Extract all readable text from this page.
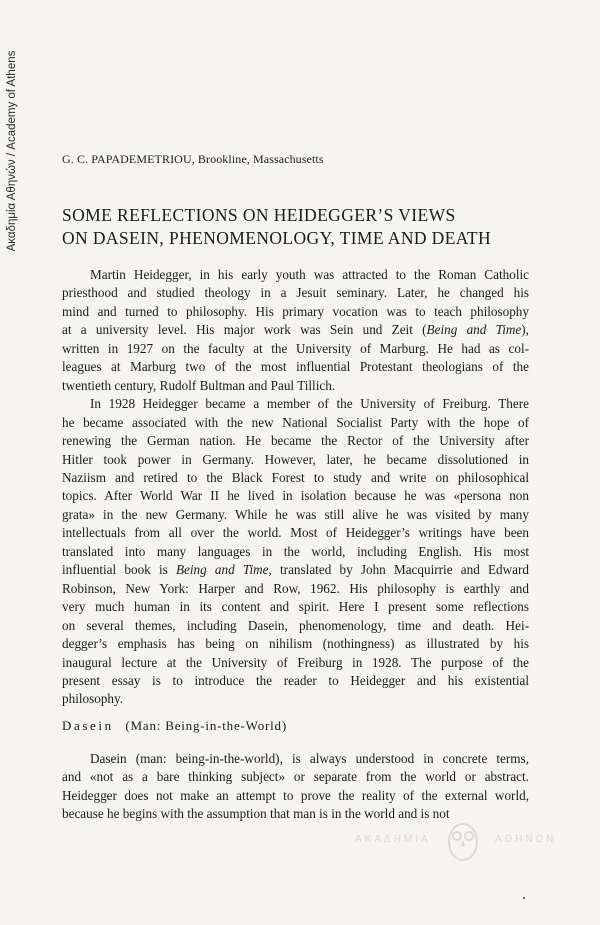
Ακαδημία Αθηνών / Academy of Athens	G. C. PAPADEMETRIOU, Brookline, Massachusetts
SOME REFLECTIONS ON HEIDEGGER’S VIEWS
ON DASEIN, PHENOMENOLOGY, TIME AND DEATH

Martin Heidegger, in his early youth was attracted to the Roman Catholic
priesthood and studied theology in a Jesuit seminary. Later, he changed his
mind and turned to philosophy. His primary vocation was to teach philosophy
at a university level. His major work was Sein und Zeit (Being and Time),
written in 1927 on the faculty at the University of Marburg. He had as col-
leagues at Marburg two of the most influential Protestant theologians of the
twentieth century, Rudolf Bultman and Paul Tillich.

In 1928 Heidegger became a member of the University of Freiburg. There
he became associated with the new National Socialist Party with the hope of
renewing the German nation. He became the Rector of the University after
Hitler took power in Germany. However, later, he became dissolutioned in
Naziism and retired to the Black Forest to study and write on philosophical
topics. After World War II he lived in isolation because he was «persona non
grata» in the new Germany. While he was still alive he was visited by many
intellectuals from all over the world. Most of Heidegger’s writings have been
translated into many languages in the world, including English. His most
influential book is Being and Time, translated by John Macquirrie and Edward
Robinson, New York: Harper and Row, 1962. His philosophy is earthly and
very much human in its content and spirit. Here I present some reflections
on several themes, including Dasein, phenomenology, time and death. Hei-
degger’s emphasis has being on nihilism (nothingness) as illustrated by his
inaugural lecture at the University of Freiburg in 1928. The purpose of the
present essay is to introduce the reader to Heidegger and his existential
philosophy.

Dasein (Man: Being-in-the-World)

Dasein (man: being-in-the-world), is always understood in concrete terms,
and «not as a bare thinking subject» or separate from the world or abstract.
Heidegger does not make an attempt to prove the reality of the external world,
because he begins with the assumption that man is in the world and is not

ΑΚΑΔΗΜΙΑ	ΑΘΗΝΩΝ
